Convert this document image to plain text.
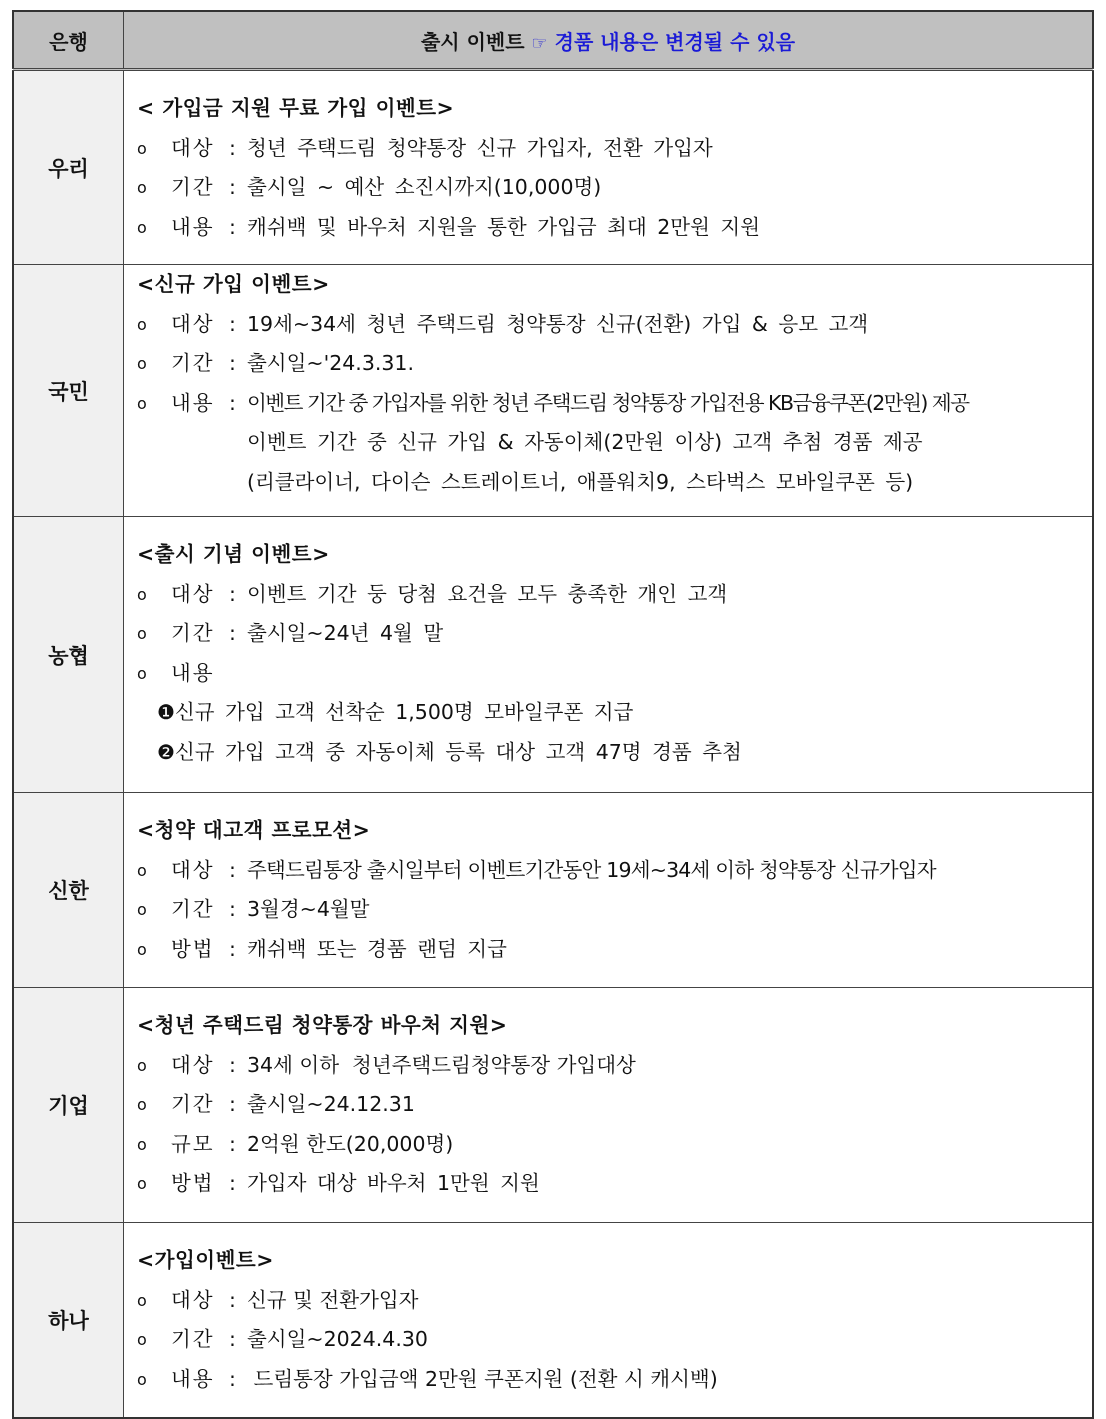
은행	출시 이벤트 ☞ 경품 내용은 변경될 수 있음
우리	
< 가입금 지원 무료 가입 이벤트>
o	대상 : 청년 주택드림 청약통장 신규 가입자, 전환 가입자
o	기간 : 출시일 ~ 예산 소진시까지(10,000명)
o	내용 : 캐쉬백 및 바우처 지원을 통한 가입금 최대 2만원 지원

국민	
<신규 가입 이벤트>
o	대상 : 19세~34세 청년 주택드림 청약통장 신규(전환) 가입 & 응모 고객
o	기간 : 출시일~'24.3.31.
o	내용 : 이벤트 기간 중 가입자를 위한 청년 주택드림 청약통장 가입전용 KB금융쿠폰(2만원) 제공
이벤트 기간 중 신규 가입 & 자동이체(2만원 이상) 고객 추첨 경품 제공
(리클라이너, 다이슨 스트레이트너, 애플워치9, 스타벅스 모바일쿠폰 등)

농협	
<출시 기념 이벤트>
o	대상 : 이벤트 기간 둥 당첨 요건을 모두 충족한 개인 고객
o	기간 : 출시일~24년 4월 말
o	내용
❶신규 가입 고객 선착순 1,500명 모바일쿠폰 지급
❷신규 가입 고객 중 자동이체 등록 대상 고객 47명 경품 추첨

신한	
<청약 대고객 프로모션>
o	대상 : 주택드림통장 출시일부터 이벤트기간동안 19세~34세 이하 청약통장 신규가입자
o	기간 : 3월경~4월말
o	방법 : 캐쉬백 또는 경품 랜덤 지급

기업	
<청년 주택드림 청약통장 바우처 지원>
o	대상 : 34세 이하  청년주택드림청약통장 가입대상
o	기간 : 출시일~24.12.31
o	규모 : 2억원 한도(20,000명)
o	방법 : 가입자 대상 바우처 1만원 지원

하나	
<가입이벤트>
o	대상 : 신규 및 전환가입자
o	기간 : 출시일~2024.4.30
o	내용 : 드림통장 가입금액 2만원 쿠폰지원 (전환 시 캐시백)
